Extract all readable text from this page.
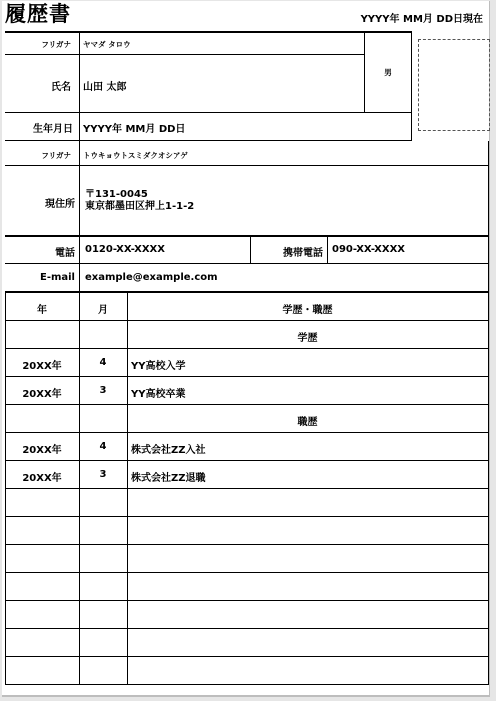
履歴書	YYYY年 MM月 DD日現在
フリガナ ヤマダ タロウ
氏名 山田 太郎
男
生年月日 YYYY年 MM月 DD日
フリガナ トウキョウトスミダクオシアゲ
現住所
〒131-0045
東京都墨田区押上1-1-2
電話 0120-XX-XXXX	携帯電話 090-XX-XXXX
E-mail example@example.com
年	月	学歴・職歴
学歴
20XX年	4	YY高校入学
20XX年	3	YY高校卒業
職歴
20XX年	4	株式会社ZZ入社
20XX年	3	株式会社ZZ退職
